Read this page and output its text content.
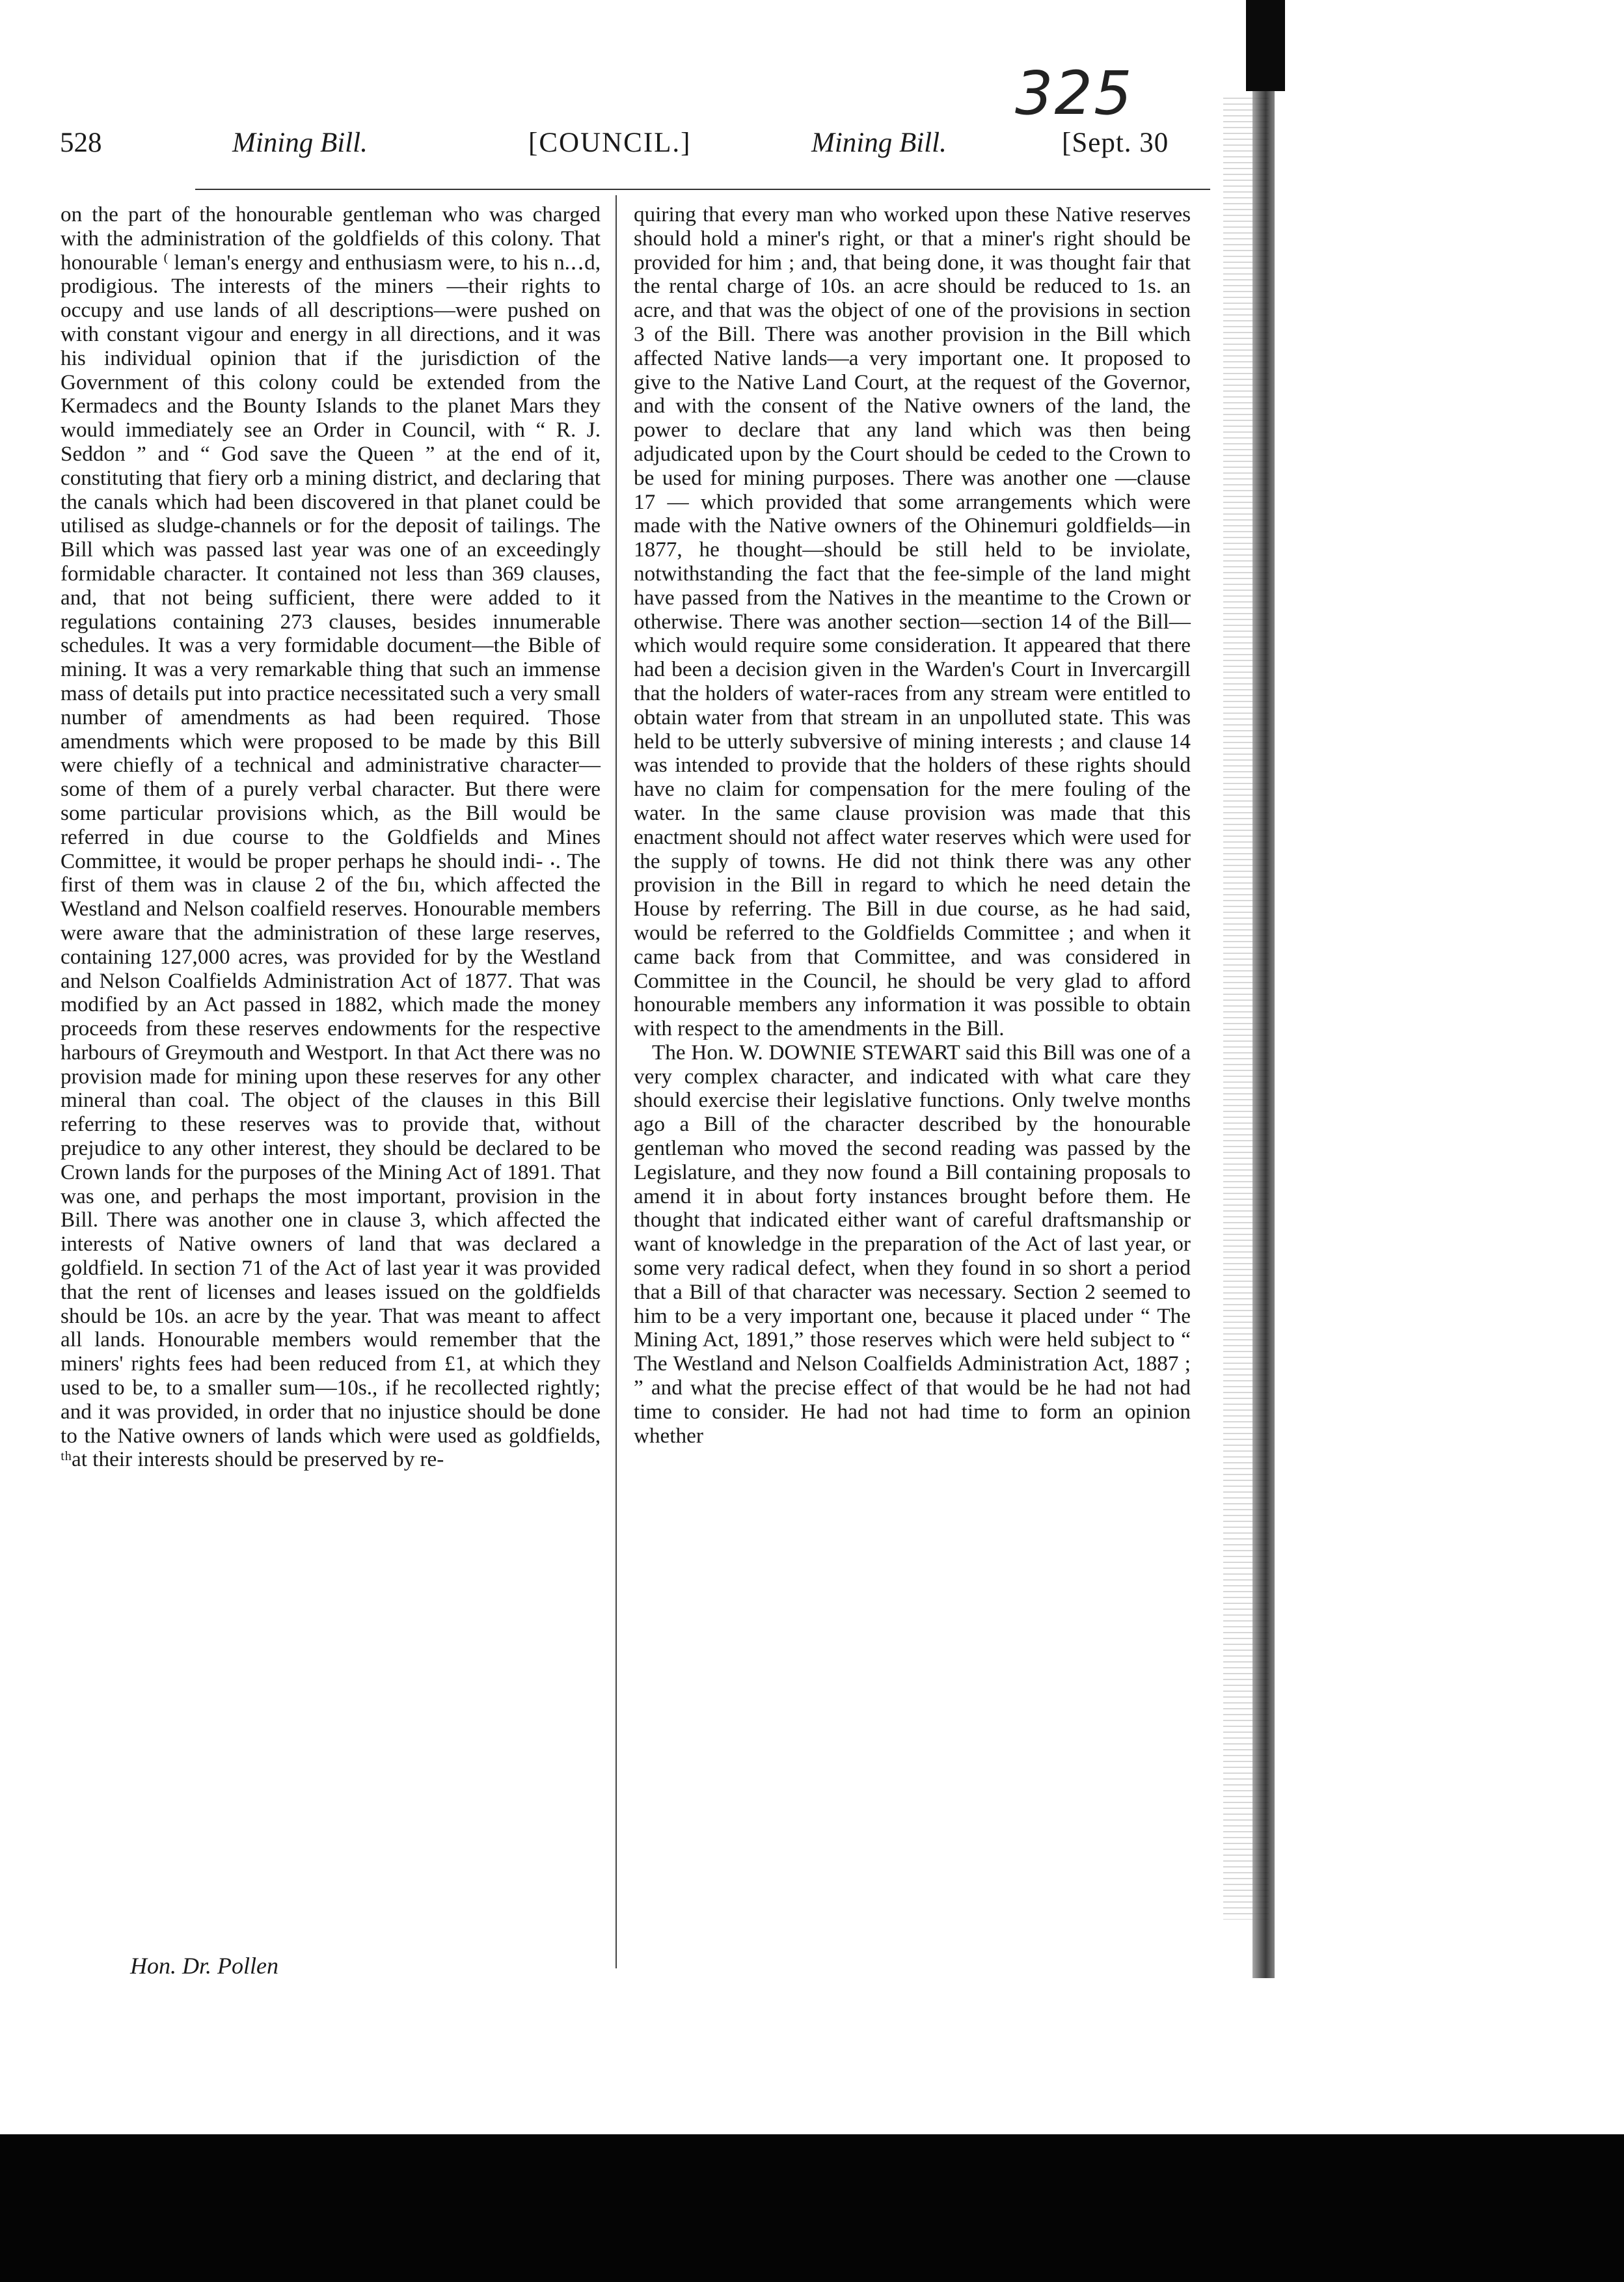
325
528	Mining Bill.	[COUNCIL.]	Mining Bill.	[Sept. 30

on the part of the honourable gentleman who was charged with the administration of the goldfields of this colony. That honourable ⁽ leman's energy and enthusiasm were, to his n.‥d, prodigious. The interests of the miners —their rights to occupy and use lands of all descriptions—were pushed on with constant vigour and energy in all directions, and it was his individual opinion that if the jurisdiction of the Government of this colony could be extended from the Kermadecs and the Bounty Islands to the planet Mars they would immediately see an Order in Council, with “ R. J. Seddon ” and “ God save the Queen ” at the end of it, constituting that fiery orb a mining district, and declaring that the canals which had been discovered in that planet could be utilised as sludge-channels or for the deposit of tailings. The Bill which was passed last year was one of an exceedingly formidable character. It contained not less than 369 clauses, and, that not being sufficient, there were added to it regulations containing 273 clauses, besides innumerable schedules. It was a very formidable document—the Bible of mining. It was a very remarkable thing that such an immense mass of details put into practice necessitated such a very small number of amendments as had been required. Those amendments which were proposed to be made by this Bill were chiefly of a technical and administrative character—some of them of a purely verbal character. But there were some particular provisions which, as the Bill would be referred in due course to the Goldfields and Mines Committee, it would be proper perhaps he should indi- ⸳. The first of them was in clause 2 of the ɓıı, which affected the Westland and Nelson coalfield reserves. Honourable members were aware that the administration of these large reserves, containing 127,000 acres, was provided for by the Westland and Nelson Coalfields Administration Act of 1877. That was modified by an Act passed in 1882, which made the money proceeds from these reserves endowments for the respective harbours of Greymouth and Westport. In that Act there was no provision made for mining upon these reserves for any other mineral than coal. The object of the clauses in this Bill referring to these reserves was to provide that, without prejudice to any other interest, they should be declared to be Crown lands for the purposes of the Mining Act of 1891. That was one, and perhaps the most important, provision in the Bill. There was another one in clause 3, which affected the interests of Native owners of land that was declared a goldfield. In section 71 of the Act of last year it was provided that the rent of licenses and leases issued on the goldfields should be 10s. an acre by the year. That was meant to affect all lands. Honourable members would remember that the miners' rights fees had been reduced from £1, at which they used to be, to a smaller sum—10s., if he recollected rightly; and it was provided, in order that no injustice should be done to the Native owners of lands which were used as goldfields, ᵗʰat their interests should be preserved by re-

quiring that every man who worked upon these Native reserves should hold a miner's right, or that a miner's right should be provided for him ; and, that being done, it was thought fair that the rental charge of 10s. an acre should be reduced to 1s. an acre, and that was the object of one of the provisions in section 3 of the Bill. There was another provision in the Bill which affected Native lands—a very important one. It proposed to give to the Native Land Court, at the request of the Governor, and with the consent of the Native owners of the land, the power to declare that any land which was then being adjudicated upon by the Court should be ceded to the Crown to be used for mining purposes. There was another one —clause 17 — which provided that some arrangements which were made with the Native owners of the Ohinemuri goldfields—in 1877, he thought—should be still held to be inviolate, notwithstanding the fact that the fee-simple of the land might have passed from the Natives in the meantime to the Crown or otherwise. There was another section—section 14 of the Bill—which would require some consideration. It appeared that there had been a decision given in the Warden's Court in Invercargill that the holders of water-races from any stream were entitled to obtain water from that stream in an unpolluted state. This was held to be utterly subversive of mining interests ; and clause 14 was intended to provide that the holders of these rights should have no claim for compensation for the mere fouling of the water. In the same clause provision was made that this enactment should not affect water reserves which were used for the supply of towns. He did not think there was any other provision in the Bill in regard to which he need detain the House by referring. The Bill in due course, as he had said, would be referred to the Goldfields Committee ; and when it came back from that Committee, and was considered in Committee in the Council, he should be very glad to afford honourable members any information it was possible to obtain with respect to the amendments in the Bill.

The Hon. W. DOWNIE STEWART said this Bill was one of a very complex character, and indicated with what care they should exercise their legislative functions. Only twelve months ago a Bill of the character described by the honourable gentleman who moved the second reading was passed by the Legislature, and they now found a Bill containing proposals to amend it in about forty instances brought before them. He thought that indicated either want of careful draftsmanship or want of knowledge in the preparation of the Act of last year, or some very radical defect, when they found in so short a period that a Bill of that character was necessary. Section 2 seemed to him to be a very important one, because it placed under “ The Mining Act, 1891,” those reserves which were held subject to “ The Westland and Nelson Coalfields Administration Act, 1887 ; ” and what the precise effect of that would be he had not had time to consider. He had not had time to form an opinion whether

Hon. Dr. Pollen
